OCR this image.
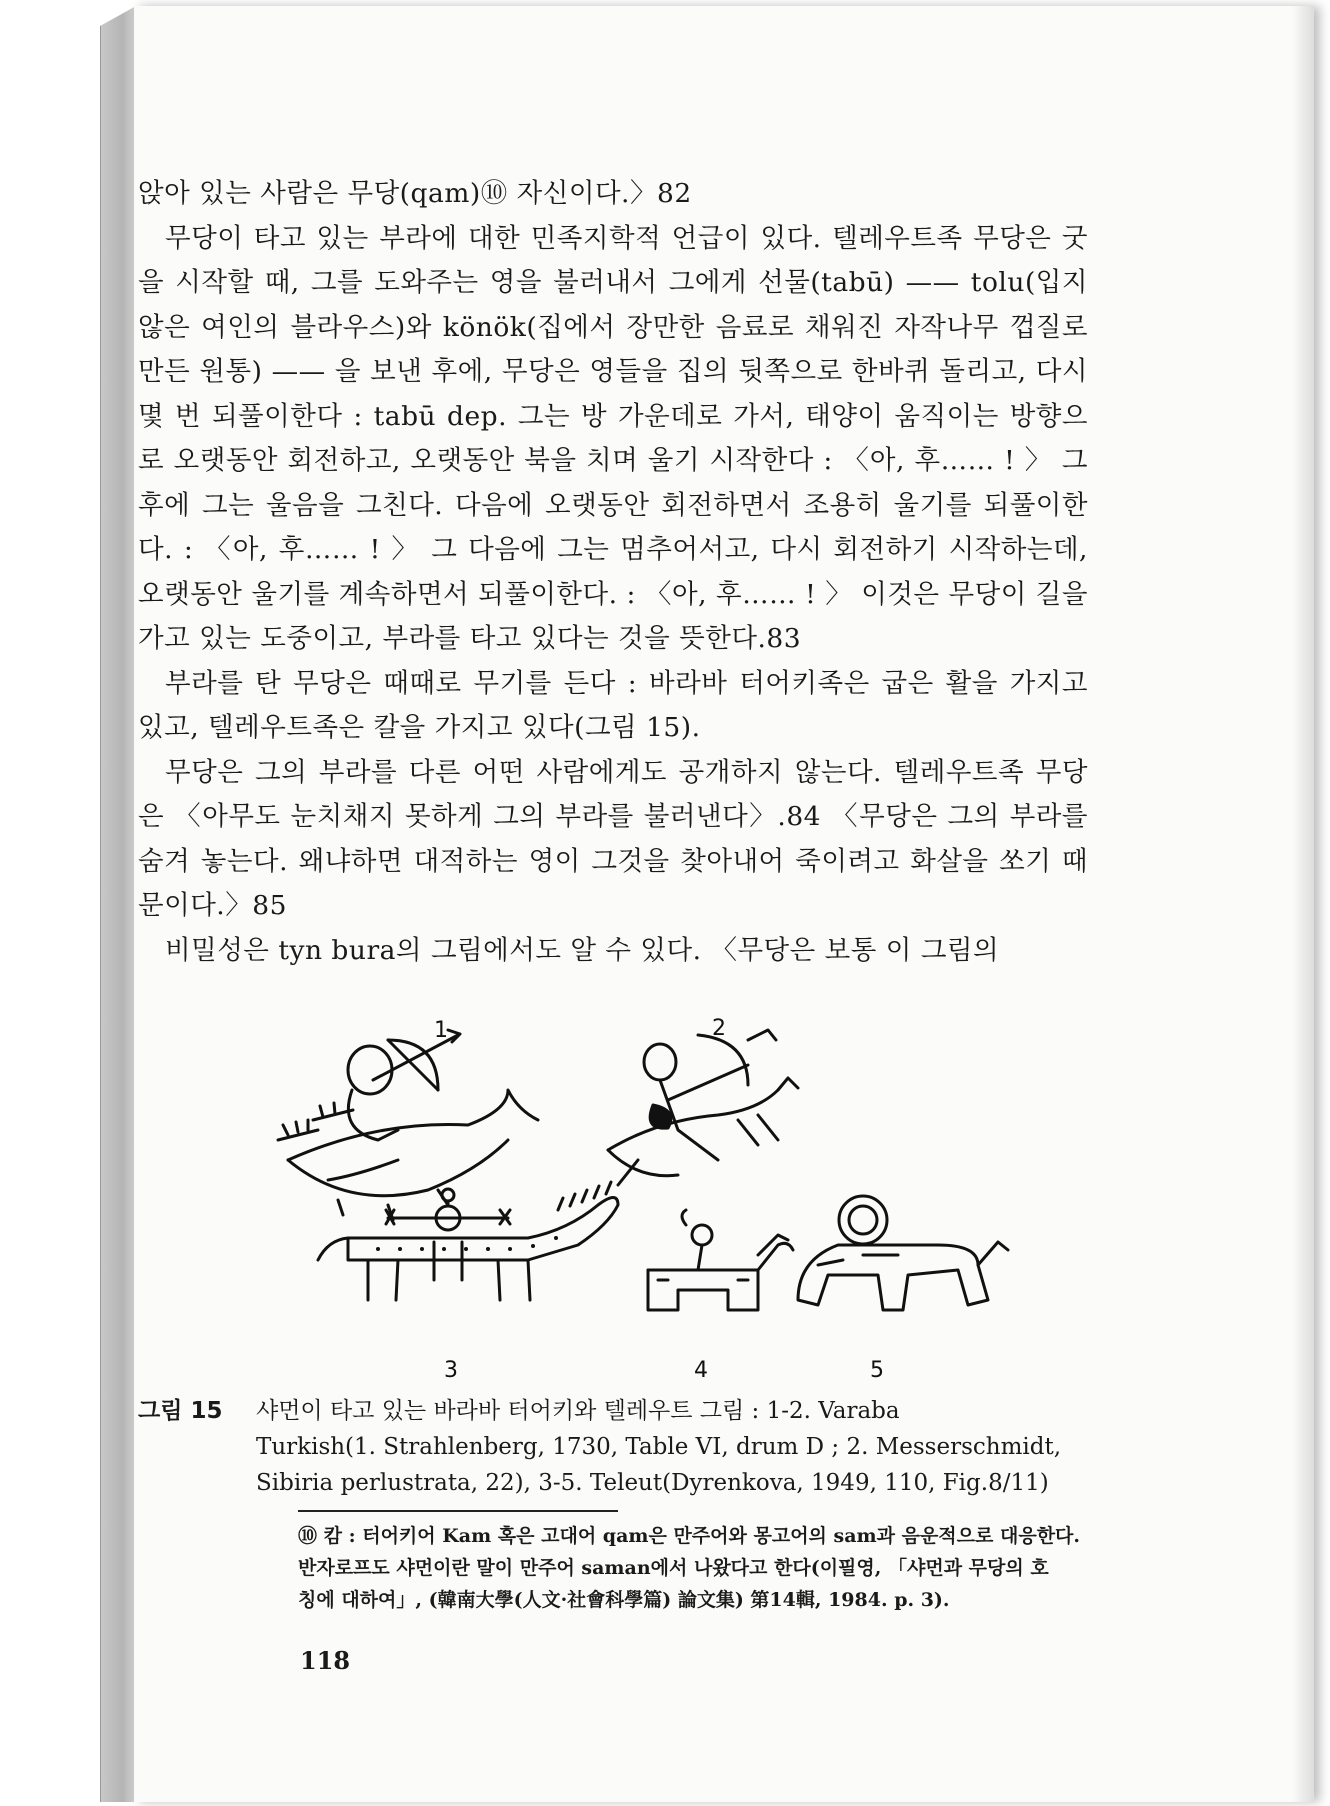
앉아 있는 사람은 무당(qam)⑩ 자신이다.〉82

무당이 타고 있는 부라에 대한 민족지학적 언급이 있다. 텔레우트족 무당은 굿을 시작할 때, 그를 도와주는 영을 불러내서 그에게 선물(tabū) —— tolu(입지 않은 여인의 블라우스)와 könök(집에서 장만한 음료로 채워진 자작나무 껍질로 만든 원통) —— 을 보낸 후에, 무당은 영들을 집의 뒷쪽으로 한바퀴 돌리고, 다시 몇 번 되풀이한다 : tabū dep. 그는 방 가운데로 가서, 태양이 움직이는 방향으로 오랫동안 회전하고, 오랫동안 북을 치며 울기 시작한다 : 〈아, 후…… ! 〉 그 후에 그는 울음을 그친다. 다음에 오랫동안 회전하면서 조용히 울기를 되풀이한다. : 〈아, 후…… ! 〉 그 다음에 그는 멈추어서고, 다시 회전하기 시작하는데, 오랫동안 울기를 계속하면서 되풀이한다. : 〈아, 후…… ! 〉 이것은 무당이 길을 가고 있는 도중이고, 부라를 타고 있다는 것을 뜻한다.83

부라를 탄 무당은 때때로 무기를 든다 : 바라바 터어키족은 굽은 활을 가지고 있고, 텔레우트족은 칼을 가지고 있다(그림 15).

무당은 그의 부라를 다른 어떤 사람에게도 공개하지 않는다. 텔레우트족 무당은 〈아무도 눈치채지 못하게 그의 부라를 불러낸다〉.84 〈무당은 그의 부라를 숨겨 놓는다. 왜냐하면 대적하는 영이 그것을 찾아내어 죽이려고 화살을 쏘기 때문이다.〉85

비밀성은 tyn bura의 그림에서도 알 수 있다. 〈무당은 보통 이 그림의

1	2
3	4	5
그림 15 샤먼이 타고 있는 바라바 터어키와 텔레우트 그림 : 1-2. Varaba
Turkish(1. Strahlenberg, 1730, Table VI, drum D ; 2. Messerschmidt,
Sibiria perlustrata, 22), 3-5. Teleut(Dyrenkova, 1949, 110, Fig.8/11)
⑩ 캄 : 터어키어 Kam 혹은 고대어 qam은 만주어와 몽고어의 sam과 음운적으로 대응한다.
반자로프도 샤먼이란 말이 만주어 saman에서 나왔다고 한다(이필영, 「샤먼과 무당의 호
칭에 대하여」, (韓南大學(人文·社會科學篇) 論文集) 第14輯, 1984. p. 3).
118
